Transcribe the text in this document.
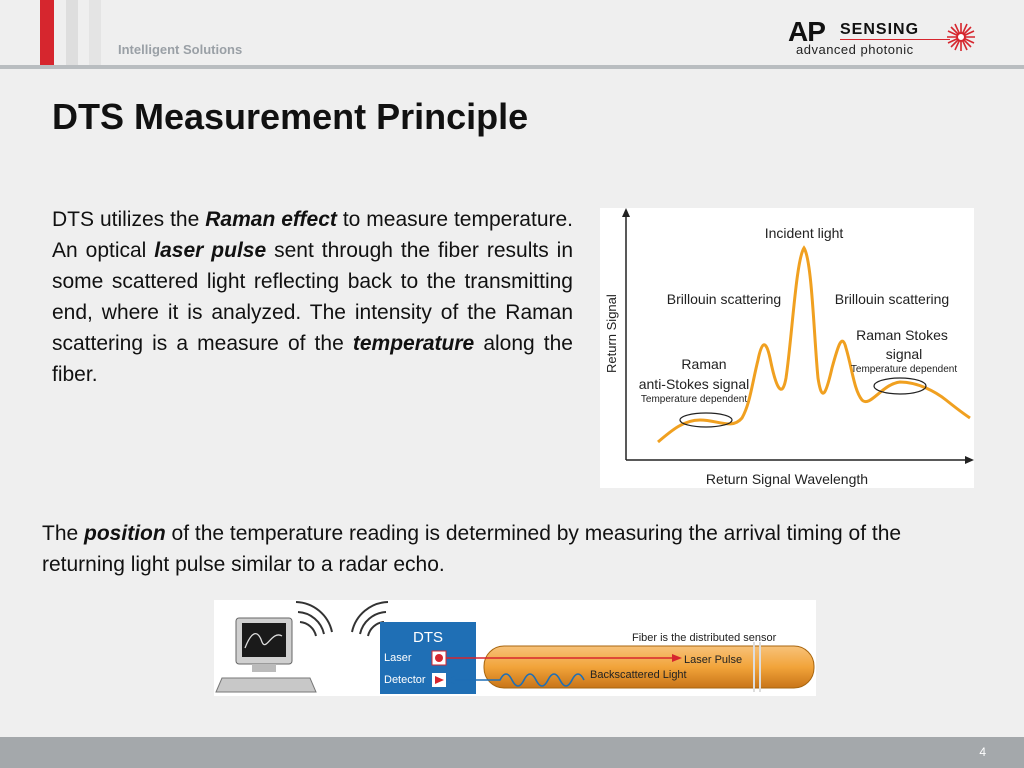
Intelligent Solutions
AP SENSING
advanced photonic
DTS Measurement Principle

DTS utilizes the Raman effect to measure temperature. An optical laser pulse sent through the fiber results in some scattered light reflecting back to the transmitting end, where it is analyzed. The intensity of the Raman scattering is a measure of the temperature along the fiber.

Return Signal
Return Signal Wavelength
Incident light
Brillouin scattering	Brillouin scattering
Raman
anti-Stokes signal
Temperature dependent
Raman Stokes
signal
Temperature dependent

The position of the temperature reading is determined by measuring the arrival timing of the returning light pulse similar to a radar echo.

DTS
Laser
Detector
Fiber is the distributed sensor
Laser Pulse
Backscattered Light
4
